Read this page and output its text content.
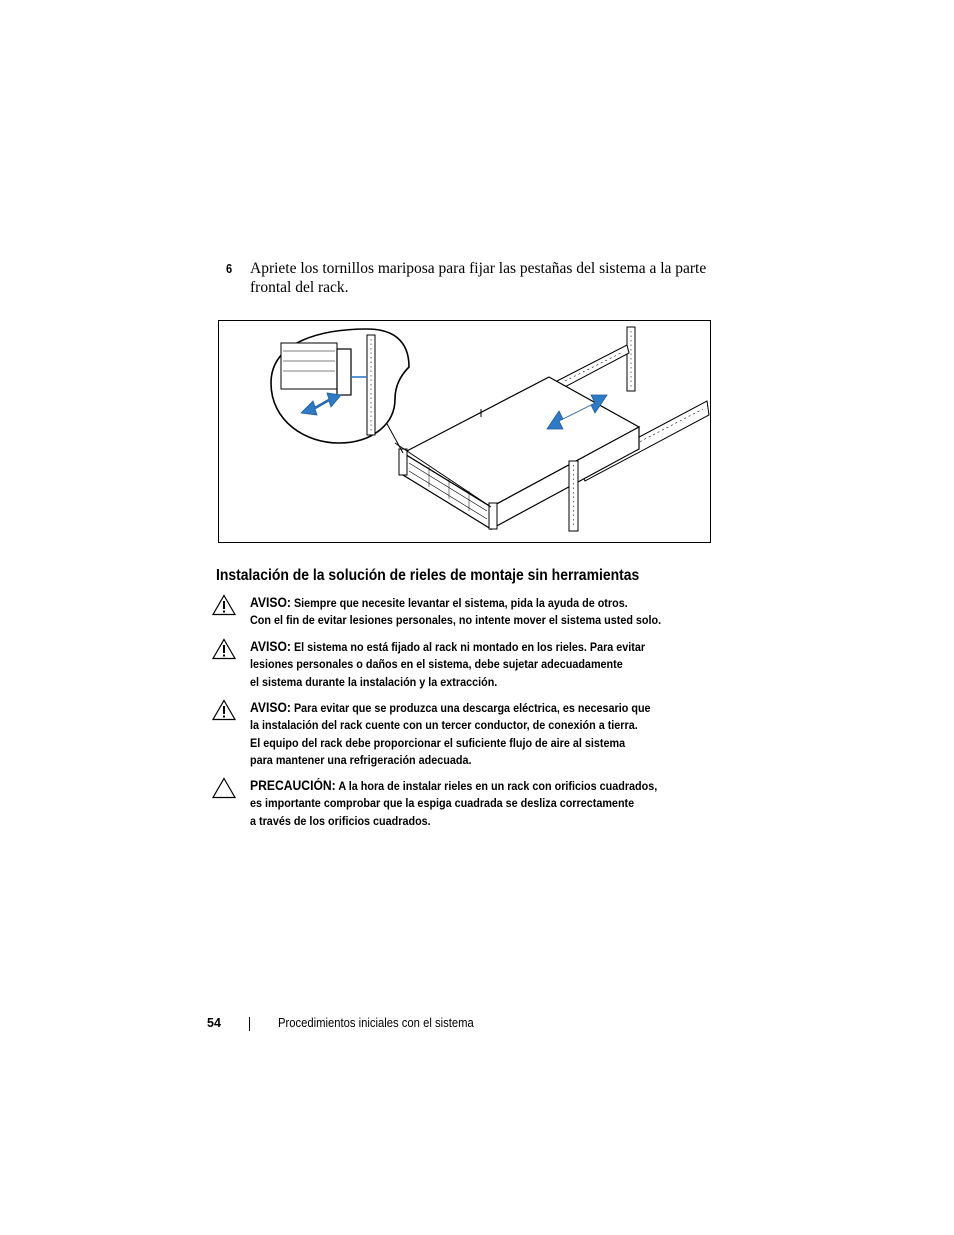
6 Apriete los tornillos mariposa para fijar las pestañas del sistema a la parte frontal del rack.
Instalación de la solución de rieles de montaje sin herramientas
AVISO: Siempre que necesite levantar el sistema, pida la ayuda de otros.
Con el fin de evitar lesiones personales, no intente mover el sistema usted solo.
AVISO: El sistema no está fijado al rack ni montado en los rieles. Para evitar
lesiones personales o daños en el sistema, debe sujetar adecuadamente
el sistema durante la instalación y la extracción.
AVISO: Para evitar que se produzca una descarga eléctrica, es necesario que
la instalación del rack cuente con un tercer conductor, de conexión a tierra.
El equipo del rack debe proporcionar el suficiente flujo de aire al sistema
para mantener una refrigeración adecuada.
PRECAUCIÓN: A la hora de instalar rieles en un rack con orificios cuadrados,
es importante comprobar que la espiga cuadrada se desliza correctamente
a través de los orificios cuadrados.
54	Procedimientos iniciales con el sistema
